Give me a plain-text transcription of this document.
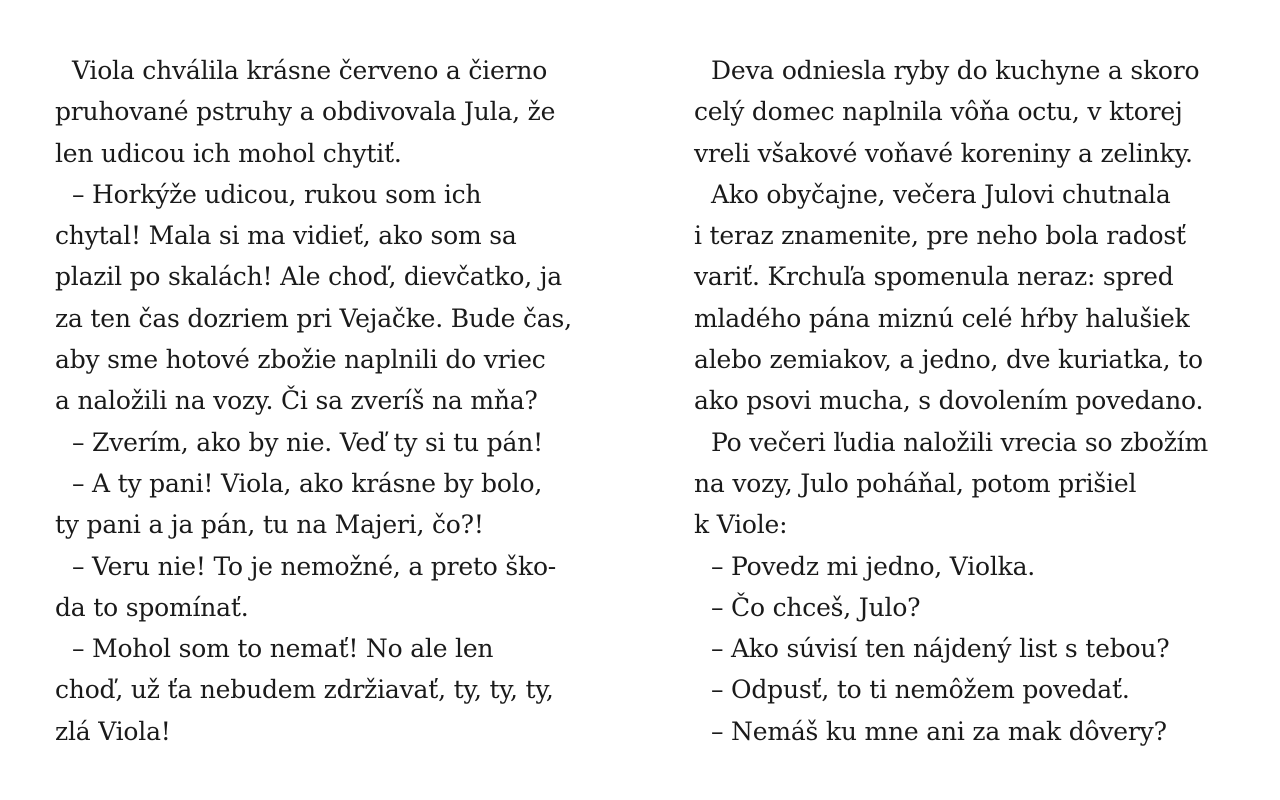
Viola chválila krásne červeno a čierno
pruhované pstruhy a obdivovala Jula, že
len udicou ich mohol chytiť.
– Horkýže udicou, rukou som ich
chytal! Mala si ma vidieť, ako som sa
plazil po skalách! Ale choď, dievčatko, ja
za ten čas dozriem pri Vejačke. Bude čas,
aby sme hotové zbožie naplnili do vriec
a naložili na vozy. Či sa zveríš na mňa?
– Zverím, ako by nie. Veď ty si tu pán!
– A ty pani! Viola, ako krásne by bolo,
ty pani a ja pán, tu na Majeri, čo?!
– Veru nie! To je nemožné, a preto ško-
da to spomínať.
– Mohol som to nemať! No ale len
choď, už ťa nebudem zdržiavať, ty, ty, ty,
zlá Viola!
Deva odniesla ryby do kuchyne a skoro
celý domec naplnila vôňa octu, v ktorej
vreli všakové voňavé koreniny a zelinky.
Ako obyčajne, večera Julovi chutnala
i teraz znamenite, pre neho bola radosť
variť. Krchuľa spomenula neraz: spred
mladého pána miznú celé hŕby halušiek
alebo zemiakov, a jedno, dve kuriatka, to
ako psovi mucha, s dovolením povedano.
Po večeri ľudia naložili vrecia so zbožím
na vozy, Julo poháňal, potom prišiel
k Viole:
– Povedz mi jedno, Violka.
– Čo chceš, Julo?
– Ako súvisí ten nájdený list s tebou?
– Odpusť, to ti nemôžem povedať.
– Nemáš ku mne ani za mak dôvery?
